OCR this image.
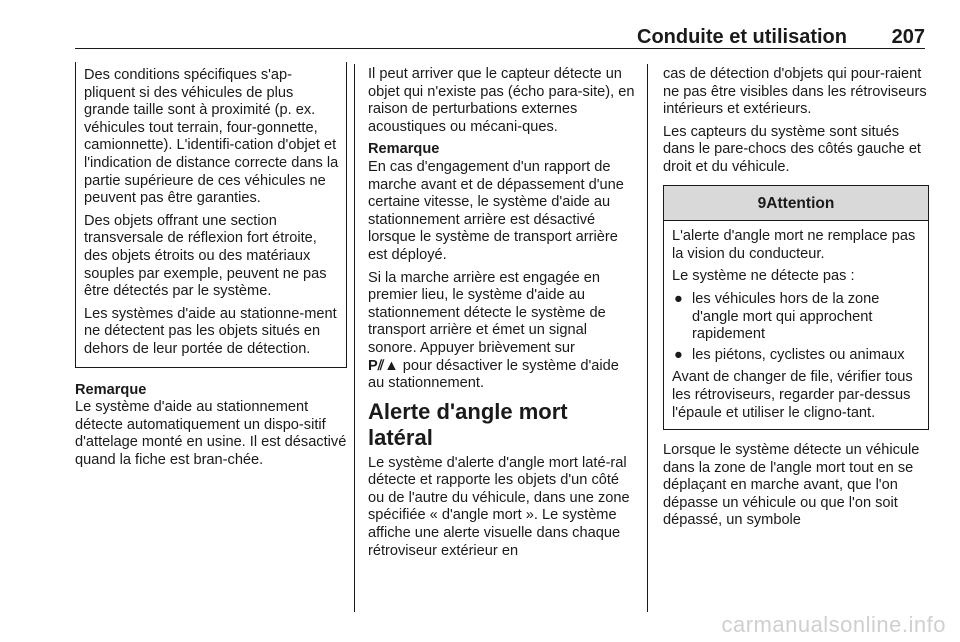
Conduite et utilisation 207

Des conditions spécifiques s'ap-pliquent si des véhicules de plus grande taille sont à proximité (p. ex. véhicules tout terrain, four-gonnette, camionnette). L'identifi-cation d'objet et l'indication de distance correcte dans la partie supérieure de ces véhicules ne peuvent pas être garanties.

Des objets offrant une section transversale de réflexion fort étroite, des objets étroits ou des matériaux souples par exemple, peuvent ne pas être détectés par le système.

Les systèmes d'aide au stationne-ment ne détectent pas les objets situés en dehors de leur portée de détection.

Remarque

Le système d'aide au stationnement détecte automatiquement un dispo-sitif d'attelage monté en usine. Il est désactivé quand la fiche est bran-chée.

Il peut arriver que le capteur détecte un objet qui n'existe pas (écho para-site), en raison de perturbations externes acoustiques ou mécani-ques.

Remarque

En cas d'engagement d'un rapport de marche avant et de dépassement d'une certaine vitesse, le système d'aide au stationnement arrière est désactivé lorsque le système de transport arrière est déployé.

Si la marche arrière est engagée en premier lieu, le système d'aide au stationnement détecte le système de transport arrière et émet un signal sonore. Appuyer brièvement sur
P⫽▲ pour désactiver le système d'aide au stationnement.

Alerte d'angle mort latéral

Le système d'alerte d'angle mort laté-ral détecte et rapporte les objets d'un côté ou de l'autre du véhicule, dans une zone spécifiée « d'angle mort ». Le système affiche une alerte visuelle dans chaque rétroviseur extérieur en

cas de détection d'objets qui pour-raient ne pas être visibles dans les rétroviseurs intérieurs et extérieurs.

Les capteurs du système sont situés dans le pare-chocs des côtés gauche et droit et du véhicule.

9Attention

L'alerte d'angle mort ne remplace pas la vision du conducteur.

Le système ne détecte pas :

● les véhicules hors de la zone d'angle mort qui approchent rapidement
● les piétons, cyclistes ou animaux

Avant de changer de file, vérifier tous les rétroviseurs, regarder par-dessus l'épaule et utiliser le cligno-tant.

Lorsque le système détecte un véhicule dans la zone de l'angle mort tout en se déplaçant en marche avant, que l'on dépasse un véhicule ou que l'on soit dépassé, un symbole

carmanualsonline.info
